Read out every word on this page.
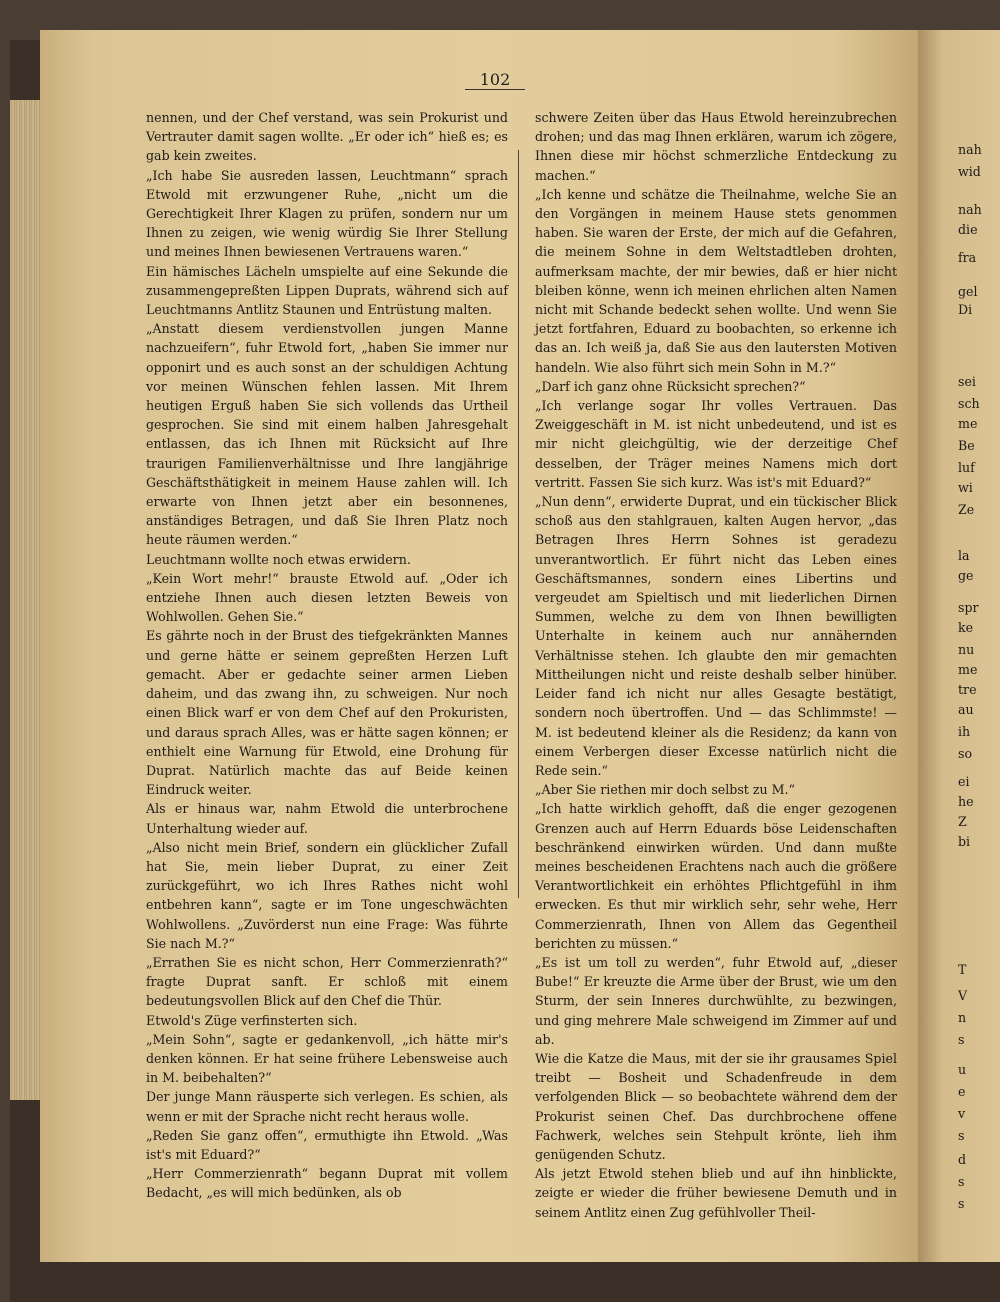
102

nennen, und der Chef verstand, was sein Prokurist und Vertrauter damit sagen wollte. „Er oder ich“ hieß es; es gab kein zweites.

„Ich habe Sie ausreden lassen, Leuchtmann“ sprach Etwold mit erzwungener Ruhe, „nicht um die Gerechtigkeit Ihrer Klagen zu prüfen, sondern nur um Ihnen zu zeigen, wie wenig würdig Sie Ihrer Stellung und meines Ihnen bewiesenen Vertrauens waren.“

Ein hämisches Lächeln umspielte auf eine Sekunde die zusammengepreßten Lippen Duprats, während sich auf Leuchtmanns Antlitz Staunen und Entrüstung malten.

„Anstatt diesem verdienstvollen jungen Manne nachzueifern“, fuhr Etwold fort, „haben Sie immer nur opponirt und es auch sonst an der schuldigen Achtung vor meinen Wünschen fehlen lassen. Mit Ihrem heutigen Erguß haben Sie sich vollends das Urtheil gesprochen. Sie sind mit einem halben Jahresgehalt entlassen, das ich Ihnen mit Rücksicht auf Ihre traurigen Familienverhältnisse und Ihre langjährige Geschäftsthätigkeit in meinem Hause zahlen will. Ich erwarte von Ihnen jetzt aber ein besonnenes, anständiges Betragen, und daß Sie Ihren Platz noch heute räumen werden.“

Leuchtmann wollte noch etwas erwidern.

„Kein Wort mehr!“ brauste Etwold auf. „Oder ich entziehe Ihnen auch diesen letzten Beweis von Wohlwollen. Gehen Sie.“

Es gährte noch in der Brust des tiefgekränkten Mannes und gerne hätte er seinem gepreßten Herzen Luft gemacht. Aber er gedachte seiner armen Lieben daheim, und das zwang ihn, zu schweigen. Nur noch einen Blick warf er von dem Chef auf den Prokuristen, und daraus sprach Alles, was er hätte sagen können; er enthielt eine Warnung für Etwold, eine Drohung für Duprat. Natürlich machte das auf Beide keinen Eindruck weiter.

Als er hinaus war, nahm Etwold die unterbrochene Unterhaltung wieder auf.

„Also nicht mein Brief, sondern ein glücklicher Zufall hat Sie, mein lieber Duprat, zu einer Zeit zurückgeführt, wo ich Ihres Rathes nicht wohl entbehren kann“, sagte er im Tone ungeschwächten Wohlwollens. „Zuvörderst nun eine Frage: Was führte Sie nach M.?“

„Errathen Sie es nicht schon, Herr Commerzienrath?“ fragte Duprat sanft. Er schloß mit einem bedeutungsvollen Blick auf den Chef die Thür.

Etwold's Züge verfinsterten sich.

„Mein Sohn“, sagte er gedankenvoll, „ich hätte mir's denken können. Er hat seine frühere Lebensweise auch in M. beibehalten?“

Der junge Mann räusperte sich verlegen. Es schien, als wenn er mit der Sprache nicht recht heraus wolle.

„Reden Sie ganz offen“, ermuthigte ihn Etwold. „Was ist's mit Eduard?“

„Herr Commerzienrath“ begann Duprat mit vollem Bedacht, „es will mich bedünken, als ob

schwere Zeiten über das Haus Etwold hereinzubrechen drohen; und das mag Ihnen erklären, warum ich zögere, Ihnen diese mir höchst schmerzliche Entdeckung zu machen.“

„Ich kenne und schätze die Theilnahme, welche Sie an den Vorgängen in meinem Hause stets genommen haben. Sie waren der Erste, der mich auf die Gefahren, die meinem Sohne in dem Weltstadtleben drohten, aufmerksam machte, der mir bewies, daß er hier nicht bleiben könne, wenn ich meinen ehrlichen alten Namen nicht mit Schande bedeckt sehen wollte. Und wenn Sie jetzt fortfahren, Eduard zu boobachten, so erkenne ich das an. Ich weiß ja, daß Sie aus den lautersten Motiven handeln. Wie also führt sich mein Sohn in M.?“

„Darf ich ganz ohne Rücksicht sprechen?“

„Ich verlange sogar Ihr volles Vertrauen. Das Zweiggeschäft in M. ist nicht unbedeutend, und ist es mir nicht gleichgültig, wie der derzeitige Chef desselben, der Träger meines Namens mich dort vertritt. Fassen Sie sich kurz. Was ist's mit Eduard?“

„Nun denn“, erwiderte Duprat, und ein tückischer Blick schoß aus den stahlgrauen, kalten Augen hervor, „das Betragen Ihres Herrn Sohnes ist geradezu unverantwortlich. Er führt nicht das Leben eines Geschäftsmannes, sondern eines Libertins und vergeudet am Spieltisch und mit liederlichen Dirnen Summen, welche zu dem von Ihnen bewilligten Unterhalte in keinem auch nur annähernden Verhältnisse stehen. Ich glaubte den mir gemachten Mittheilungen nicht und reiste deshalb selber hinüber. Leider fand ich nicht nur alles Gesagte bestätigt, sondern noch übertroffen. Und — das Schlimmste! — M. ist bedeutend kleiner als die Residenz; da kann von einem Verbergen dieser Excesse natürlich nicht die Rede sein.“

„Aber Sie riethen mir doch selbst zu M.“

„Ich hatte wirklich gehofft, daß die enger gezogenen Grenzen auch auf Herrn Eduards böse Leidenschaften beschränkend einwirken würden. Und dann mußte meines bescheidenen Erachtens nach auch die größere Verantwortlichkeit ein erhöhtes Pflichtgefühl in ihm erwecken. Es thut mir wirklich sehr, sehr wehe, Herr Commerzienrath, Ihnen von Allem das Gegentheil berichten zu müssen.“

„Es ist um toll zu werden“, fuhr Etwold auf, „dieser Bube!“ Er kreuzte die Arme über der Brust, wie um den Sturm, der sein Inneres durchwühlte, zu bezwingen, und ging mehrere Male schweigend im Zimmer auf und ab.

Wie die Katze die Maus, mit der sie ihr grausames Spiel treibt — Bosheit und Schadenfreude in dem verfolgenden Blick — so beobachtete während dem der Prokurist seinen Chef. Das durchbrochene offene Fachwerk, welches sein Stehpult krönte, lieh ihm genügenden Schutz.

Als jetzt Etwold stehen blieb und auf ihn hinblickte, zeigte er wieder die früher bewiesene Demuth und in seinem Antlitz einen Zug gefühlvoller Theil-

nah
wid
nah
die
fra
gel
Di
sei
sch
me
Be
luf
wi
Ze
la
ge
spr
ke
nu
me
tre
au
ih
so
ei
he
Z
bi
T
V
n
s
u
e
v
s
d
s
s
